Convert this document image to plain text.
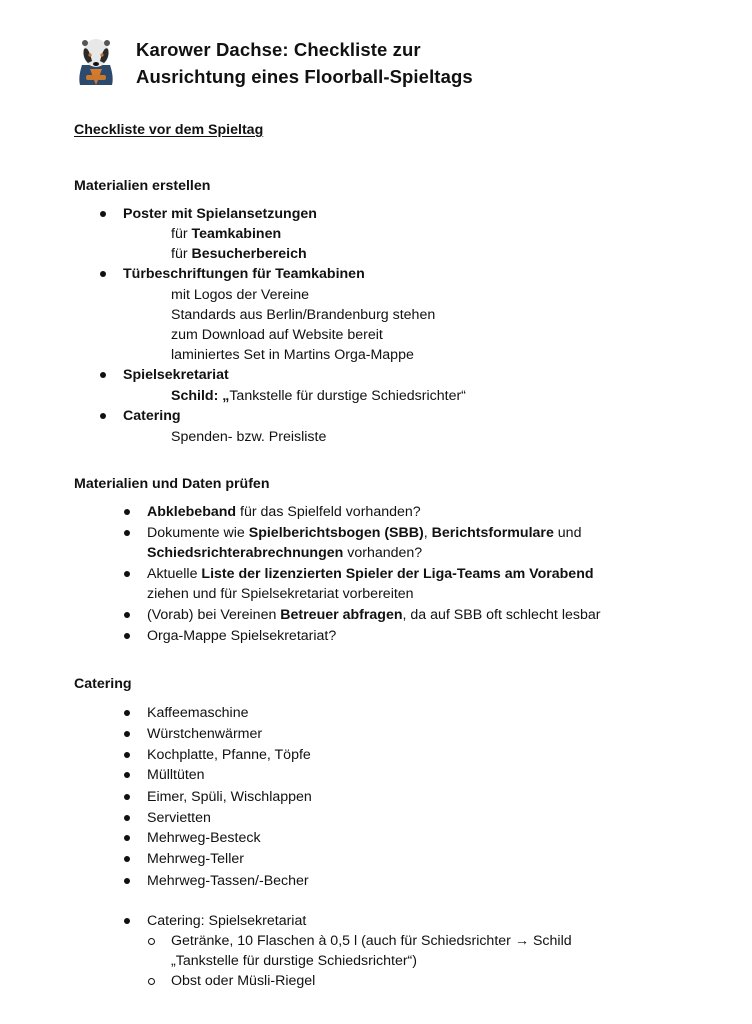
Karower Dachse: Checkliste zur
Ausrichtung eines Floorball-Spieltags
Checkliste vor dem Spieltag
Materialien erstellen
Poster mit Spielansetzungen
für Teamkabinen
für Besucherbereich
Türbeschriftungen für Teamkabinen
mit Logos der Vereine
Standards aus Berlin/Brandenburg stehen
zum Download auf Website bereit
laminiertes Set in Martins Orga-Mappe
Spielsekretariat
Schild: „Tankstelle für durstige Schiedsrichter“
Catering
Spenden- bzw. Preisliste
Materialien und Daten prüfen
Abklebeband für das Spielfeld vorhanden?
Dokumente wie Spielberichtsbogen (SBB), Berichtsformulare und
Schiedsrichterabrechnungen vorhanden?
Aktuelle Liste der lizenzierten Spieler der Liga-Teams am Vorabend
ziehen und für Spielsekretariat vorbereiten
(Vorab) bei Vereinen Betreuer abfragen, da auf SBB oft schlecht lesbar
Orga-Mappe Spielsekretariat?
Catering
Kaffeemaschine
Würstchenwärmer
Kochplatte, Pfanne, Töpfe
Mülltüten
Eimer, Spüli, Wischlappen
Servietten
Mehrweg-Besteck
Mehrweg-Teller
Mehrweg-Tassen/-Becher
Catering: Spielsekretariat
Getränke, 10 Flaschen à 0,5 l (auch für Schiedsrichter → Schild
„Tankstelle für durstige Schiedsrichter“)
Obst oder Müsli-Riegel
